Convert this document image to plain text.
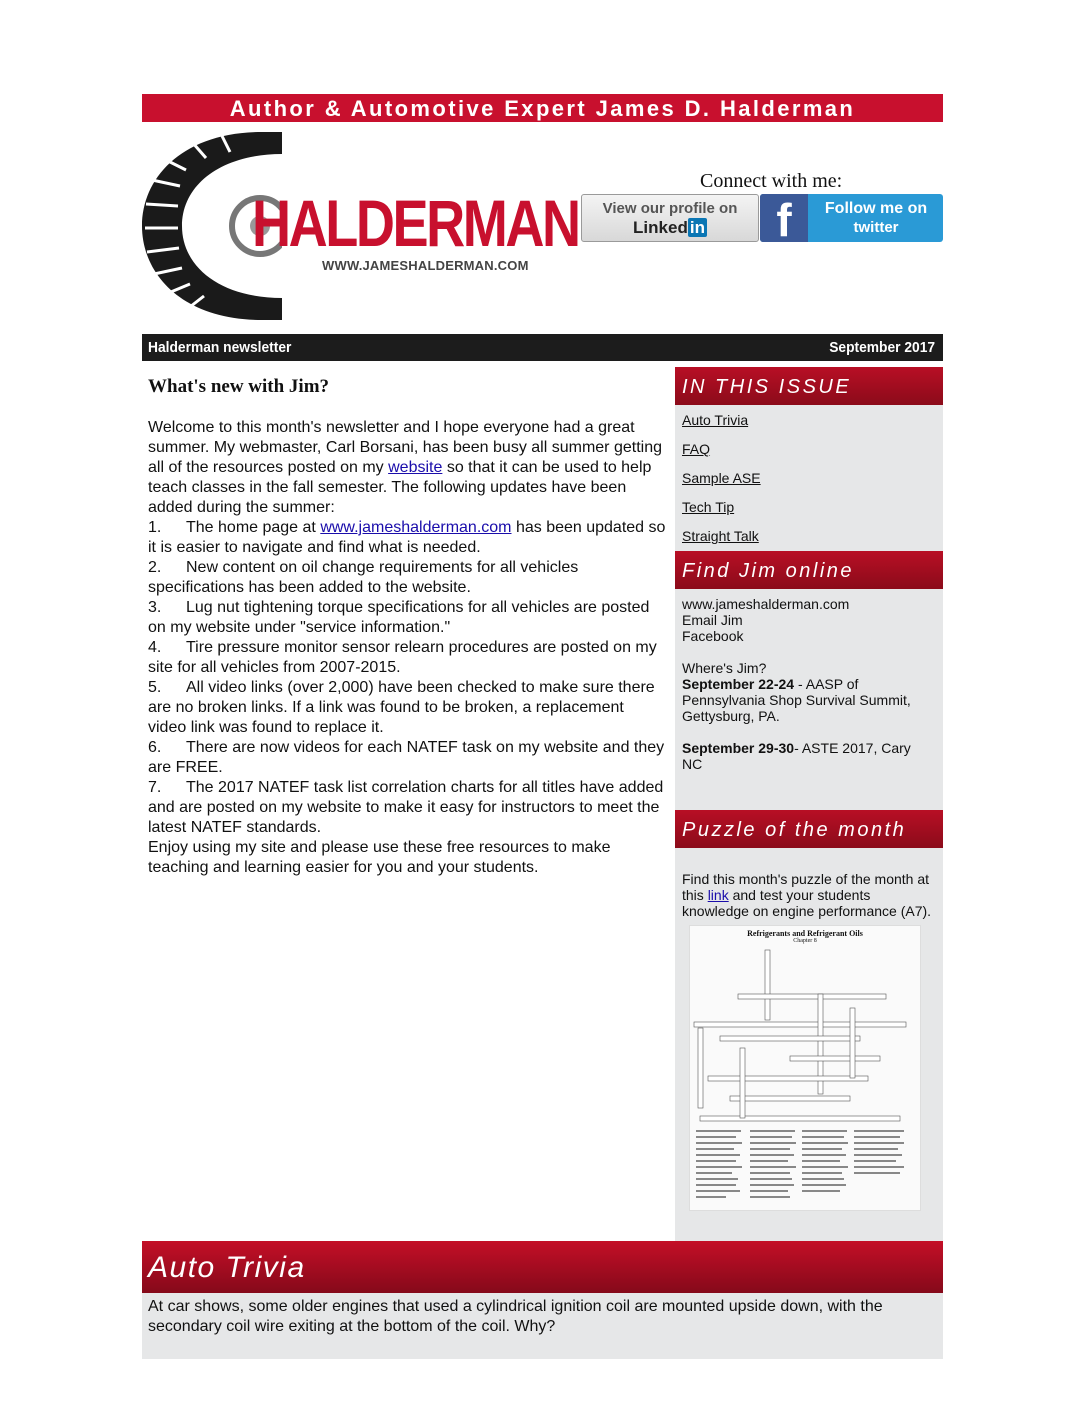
Author & Automotive Expert James D. Halderman
HALDERMAN
WWW.JAMESHALDERMAN.COM
Connect with me:
View our profile on
Linked in	f	Follow me on
twitter
Halderman newsletter	September 2017
What's new with Jim?

Welcome to this month's newsletter and I hope everyone had a great summer. My webmaster, Carl Borsani, has been busy all summer getting all of the resources posted on my website so that it can be used to help teach classes in the fall semester. The following updates have been added during the summer:

1. The home page at www.jameshalderman.com has been updated so it is easier to navigate and find what is needed.

2. New content on oil change requirements for all vehicles specifications has been added to the website.

3. Lug nut tightening torque specifications for all vehicles are posted on my website under "service information."

4. Tire pressure monitor sensor relearn procedures are posted on my site for all vehicles from 2007-2015.

5. All video links (over 2,000) have been checked to make sure there are no broken links. If a link was found to be broken, a replacement video link was found to replace it.

6. There are now videos for each NATEF task on my website and they are FREE.

7. The 2017 NATEF task list correlation charts for all titles have added and are posted on my website to make it easy for instructors to meet the latest NATEF standards.

Enjoy using my site and please use these free resources to make teaching and learning easier for you and your students.

IN THIS ISSUE
Auto Trivia
FAQ
Sample ASE
Tech Tip
Straight Talk
Find Jim online

www.jameshalderman.com

Email Jim

Facebook

Where's Jim?

September 22-24 - AASP of Pennsylvania Shop Survival Summit, Gettysburg, PA.

September 29-30- ASTE 2017, Cary NC

Puzzle of the month

Find this month's puzzle of the month at this link and test your students knowledge on engine performance (A7).

Refrigerants and Refrigerant Oils
Chapter 8
Auto Trivia
At car shows, some older engines that used a cylindrical ignition coil are mounted upside down, with the secondary coil wire exiting at the bottom of the coil. Why?
